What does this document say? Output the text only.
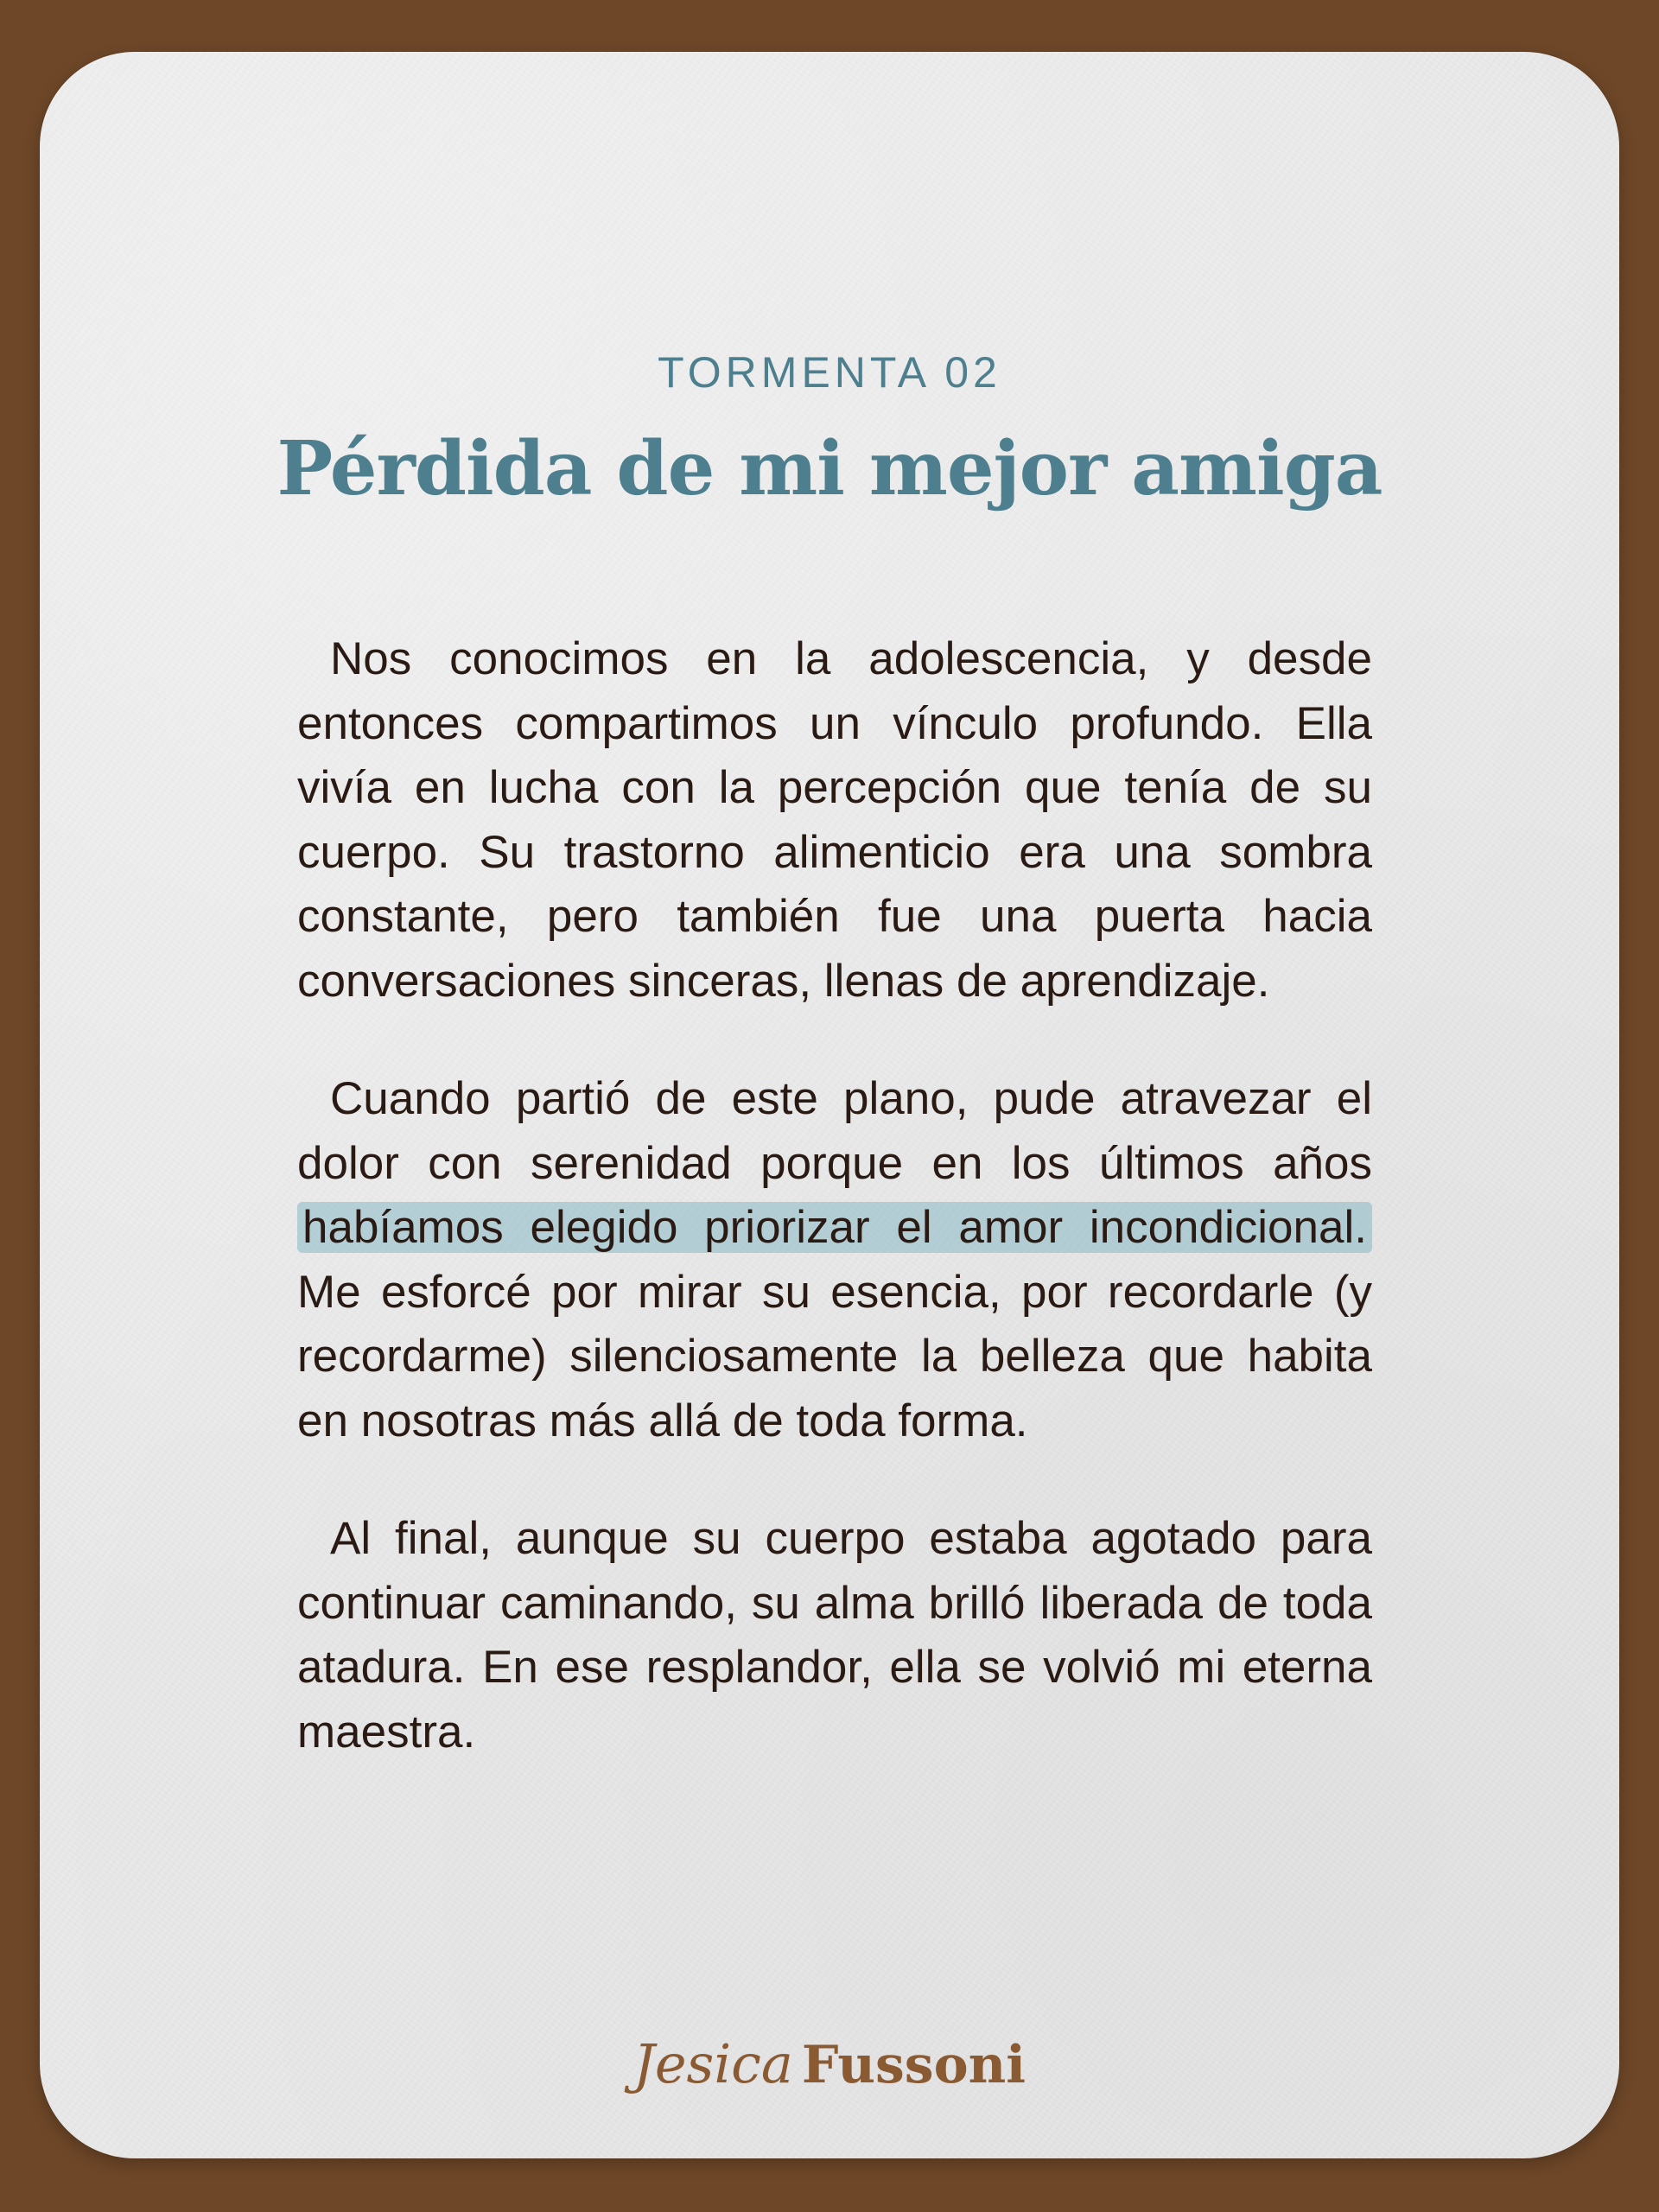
TORMENTA 02
Pérdida de mi mejor amiga

Nos conocimos en la adolescencia, y desde entonces compartimos un vínculo profundo. Ella vivía en lucha con la percepción que tenía de su cuerpo. Su trastorno alimenticio era una sombra constante, pero también fue una puerta hacia conversaciones sinceras, llenas de aprendizaje.

Cuando partió de este plano, pude atravezar el dolor con serenidad porque en los últimos años habíamos elegido priorizar el amor incondicional. Me esforcé por mirar su esencia, por recordarle (y recordarme) silenciosamente la belleza que habita en nosotras más allá de toda forma.

Al final, aunque su cuerpo estaba agotado para continuar caminando, su alma brilló liberada de toda atadura. En ese resplandor, ella se volvió mi eterna maestra.

Jesica Fussoni
